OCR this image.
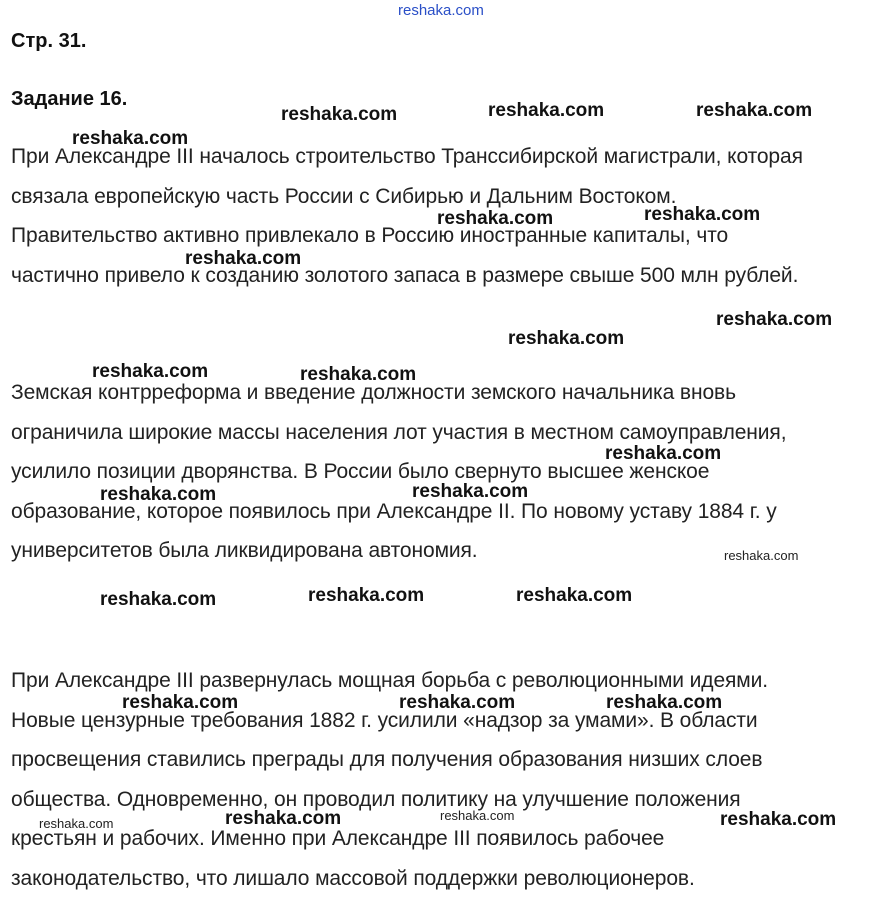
Стр. 31.
Задание 16.
При Александре III началось строительство Транссибирской магистрали, которая
связала европейскую часть России с Сибирью и Дальним Востоком.
Правительство активно привлекало в Россию иностранные капиталы, что
частично привело к созданию золотого запаса в размере свыше 500 млн рублей.
Земская контрреформа и введение должности земского начальника вновь
ограничила широкие массы населения лот участия в местном самоуправления,
усилило позиции дворянства. В России было свернуто высшее женское
образование, которое появилось при Александре II. По новому уставу 1884 г. у
университетов была ликвидирована автономия.
При Александре III развернулась мощная борьба с революционными идеями.
Новые цензурные требования 1882 г. усилили «надзор за умами». В области
просвещения ставились преграды для получения образования низших слоев
общества. Одновременно, он проводил политику на улучшение положения
крестьян и рабочих. Именно при Александре III появилось рабочее
законодательство, что лишало массовой поддержки революционеров.
reshaka.com
reshaka.com	reshaka.com	reshaka.com
reshaka.com
reshaka.com	reshaka.com
reshaka.com
reshaka.com
reshaka.com
reshaka.com	reshaka.com
reshaka.com
reshaka.com	reshaka.com
reshaka.com
reshaka.com	reshaka.com	reshaka.com
reshaka.com	reshaka.com	reshaka.com
reshaka.com	reshaka.com	reshaka.com	reshaka.com
